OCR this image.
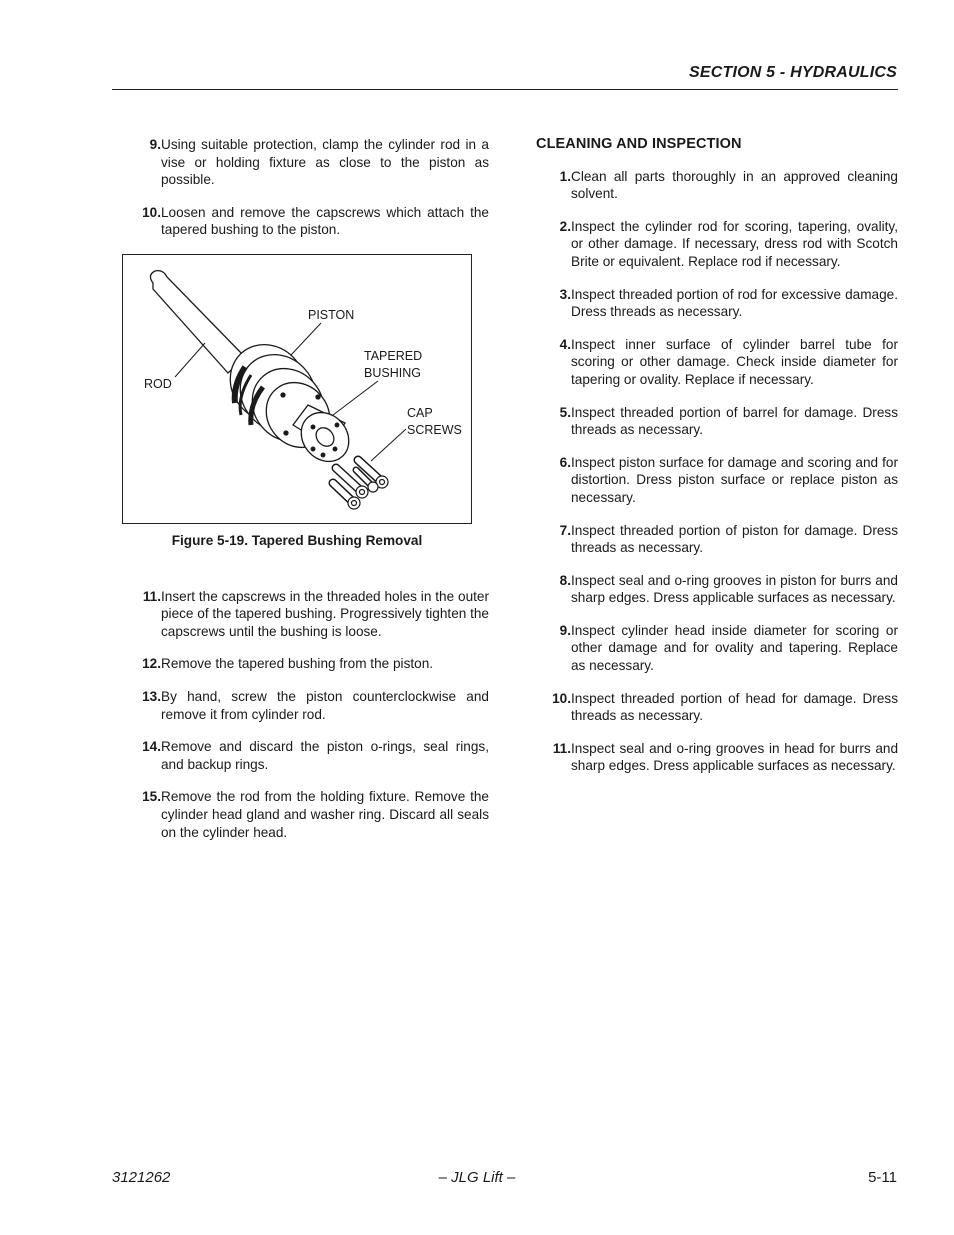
SECTION 5 - HYDRAULICS
9. Using suitable protection, clamp the cylinder rod in a vise or holding fixture as close to the piston as possible.
10. Loosen and remove the capscrews which attach the tapered bushing to the piston.
PISTON
ROD
TAPERED
BUSHING
CAP
SCREWS
Figure 5-19. Tapered Bushing Removal
11. Insert the capscrews in the threaded holes in the outer piece of the tapered bushing. Progressively tighten the capscrews until the bushing is loose.
12. Remove the tapered bushing from the piston.
13. By hand, screw the piston counterclockwise and remove it from cylinder rod.
14. Remove and discard the piston o-rings, seal rings, and backup rings.
15. Remove the rod from the holding fixture. Remove the cylinder head gland and washer ring. Discard all seals on the cylinder head.
CLEANING AND INSPECTION
1. Clean all parts thoroughly in an approved cleaning solvent.
2. Inspect the cylinder rod for scoring, tapering, ovality, or other damage. If necessary, dress rod with Scotch Brite or equivalent. Replace rod if necessary.
3. Inspect threaded portion of rod for excessive damage. Dress threads as necessary.
4. Inspect inner surface of cylinder barrel tube for scoring or other damage. Check inside diameter for tapering or ovality. Replace if necessary.
5. Inspect threaded portion of barrel for damage. Dress threads as necessary.
6. Inspect piston surface for damage and scoring and for distortion. Dress piston surface or replace piston as necessary.
7. Inspect threaded portion of piston for damage. Dress threads as necessary.
8. Inspect seal and o-ring grooves in piston for burrs and sharp edges. Dress applicable surfaces as necessary.
9. Inspect cylinder head inside diameter for scoring or other damage and for ovality and tapering. Replace as necessary.
10. Inspect threaded portion of head for damage. Dress threads as necessary.
11. Inspect seal and o-ring grooves in head for burrs and sharp edges. Dress applicable surfaces as necessary.
– JLG Lift –
3121262	5-11
